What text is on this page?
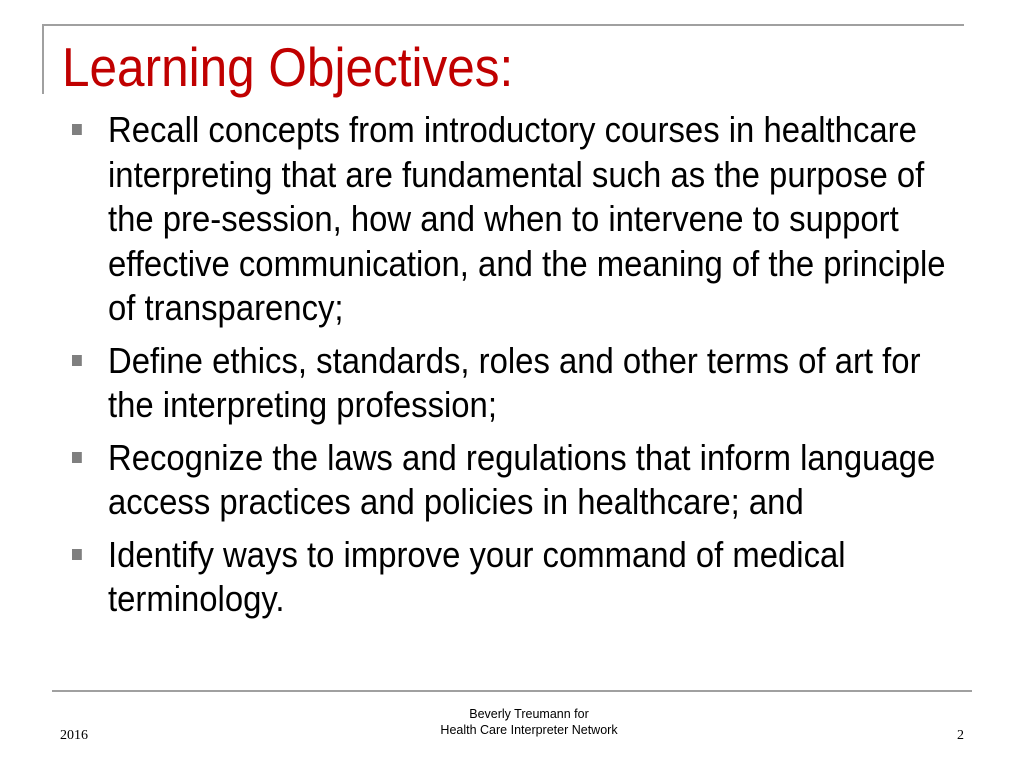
Learning Objectives:
Recall concepts from introductory courses in healthcare interpreting that are fundamental such as the purpose of the pre-session, how and when to intervene to support effective communication, and the meaning of the principle of transparency;
Define ethics, standards, roles and other terms of art for the interpreting profession;
Recognize the laws and regulations that inform language access practices and policies in healthcare; and
Identify ways to improve your command of medical terminology.
Beverly Treumann for
Health Care Interpreter Network
2016	2
